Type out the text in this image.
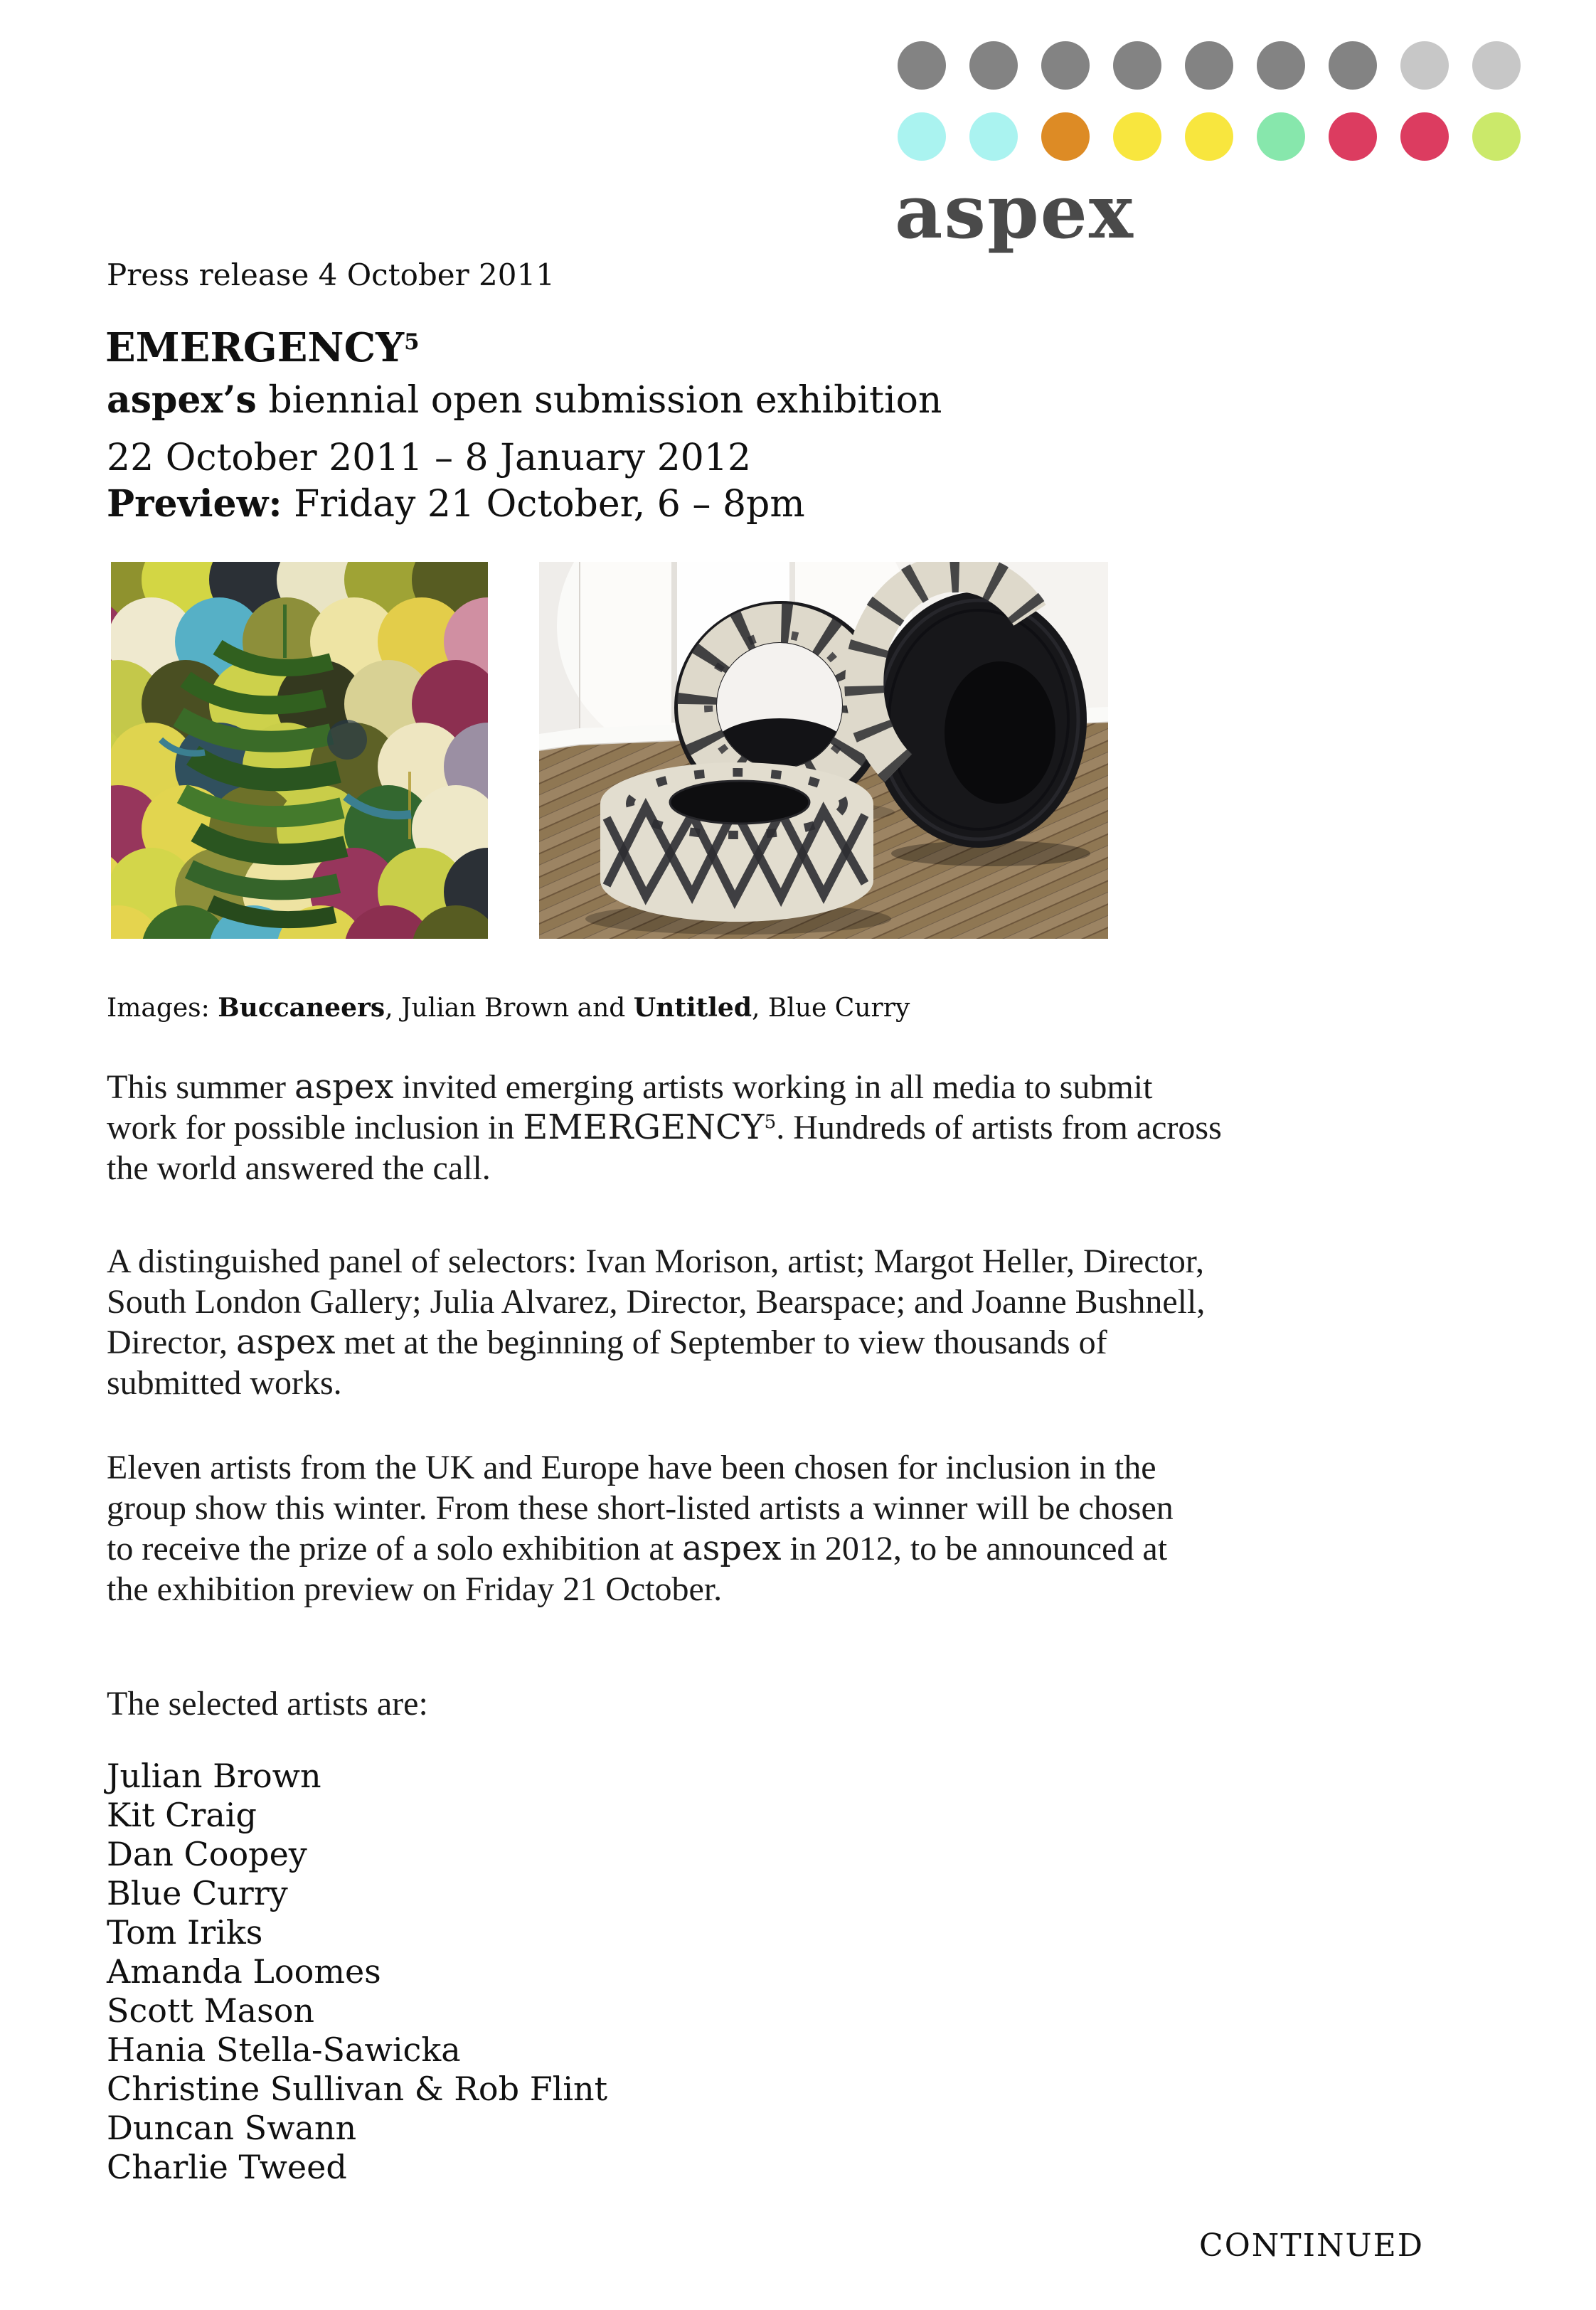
aspex
Press release 4 October 2011
EMERGENCY$^5$
aspex’s biennial open submission exhibition
22 October 2011 – 8 January 2012
Preview: Friday 21 October, 6 – 8pm
Images: Buccaneers, Julian Brown and Untitled, Blue Curry
This summer aspex invited emerging artists working in all media to submit
work for possible inclusion in EMERGENCY$^5$. Hundreds of artists from across
the world answered the call.
A distinguished panel of selectors: Ivan Morison, artist; Margot Heller, Director,
South London Gallery; Julia Alvarez, Director, Bearspace; and Joanne Bushnell,
Director, aspex met at the beginning of September to view thousands of
submitted works.
Eleven artists from the UK and Europe have been chosen for inclusion in the
group show this winter. From these short-listed artists a winner will be chosen
to receive the prize of a solo exhibition at aspex in 2012, to be announced at
the exhibition preview on Friday 21 October.
The selected artists are:
Julian Brown
Kit Craig
Dan Coopey
Blue Curry
Tom Iriks
Amanda Loomes
Scott Mason
Hania Stella-Sawicka
Christine Sullivan & Rob Flint
Duncan Swann
Charlie Tweed
CONTINUED
